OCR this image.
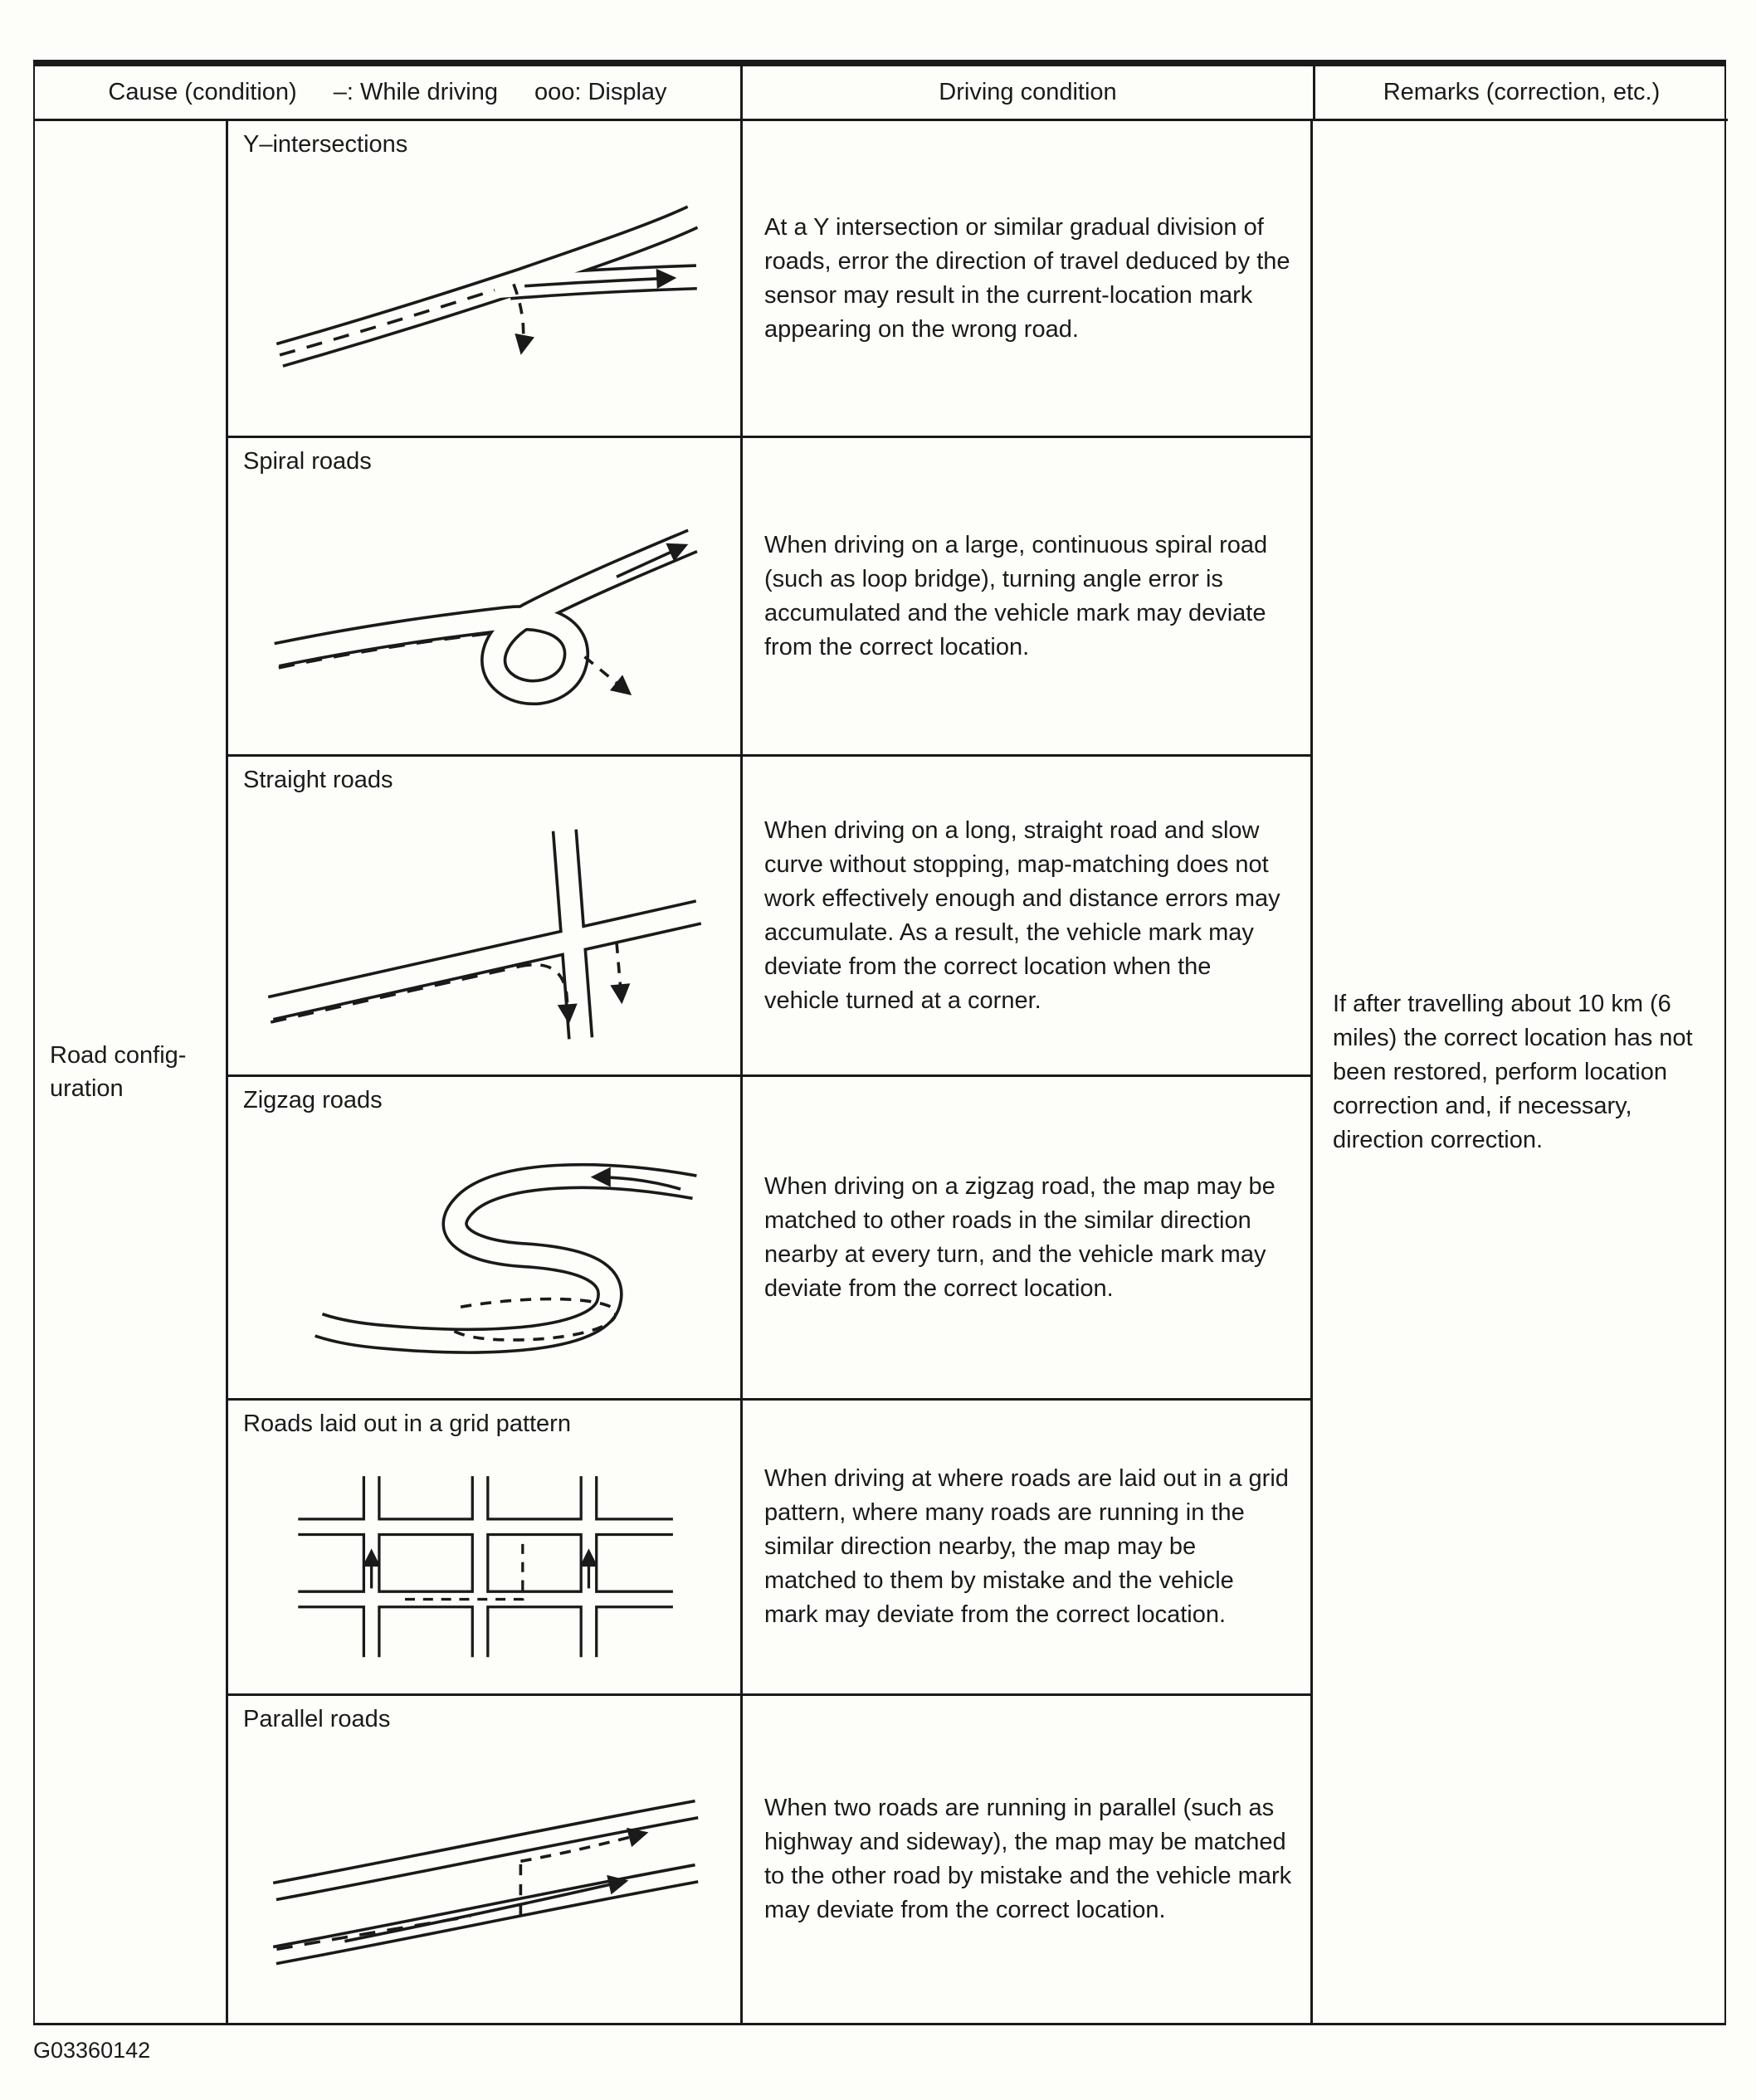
Cause (condition) –: While driving ooo: Display	Driving condition	Remarks (correction, etc.)
Road config-uration
Y–intersections

At a Y intersection or similar gradual division of roads, error the direction of travel deduced by the sensor may result in the current-location mark appearing on the wrong road.

Spiral roads

When driving on a large, continuous spiral road (such as loop bridge), turning angle error is accumulated and the vehicle mark may deviate from the correct location.

Straight roads

When driving on a long, straight road and slow curve without stopping, map-matching does not work effectively enough and distance errors may accumulate. As a result, the vehicle mark may deviate from the correct location when the vehicle turned at a corner.

Zigzag roads

When driving on a zigzag road, the map may be matched to other roads in the similar direction nearby at every turn, and the vehicle mark may deviate from the correct location.

Roads laid out in a grid pattern

When driving at where roads are laid out in a grid pattern, where many roads are running in the similar direction nearby, the map may be matched to them by mistake and the vehicle mark may deviate from the correct location.

Parallel roads

When two roads are running in parallel (such as highway and sideway), the map may be matched to the other road by mistake and the vehicle mark may deviate from the correct location.

If after travelling about 10 km (6 miles) the correct location has not been restored, perform location correction and, if necessary, direction correction.

G03360142
